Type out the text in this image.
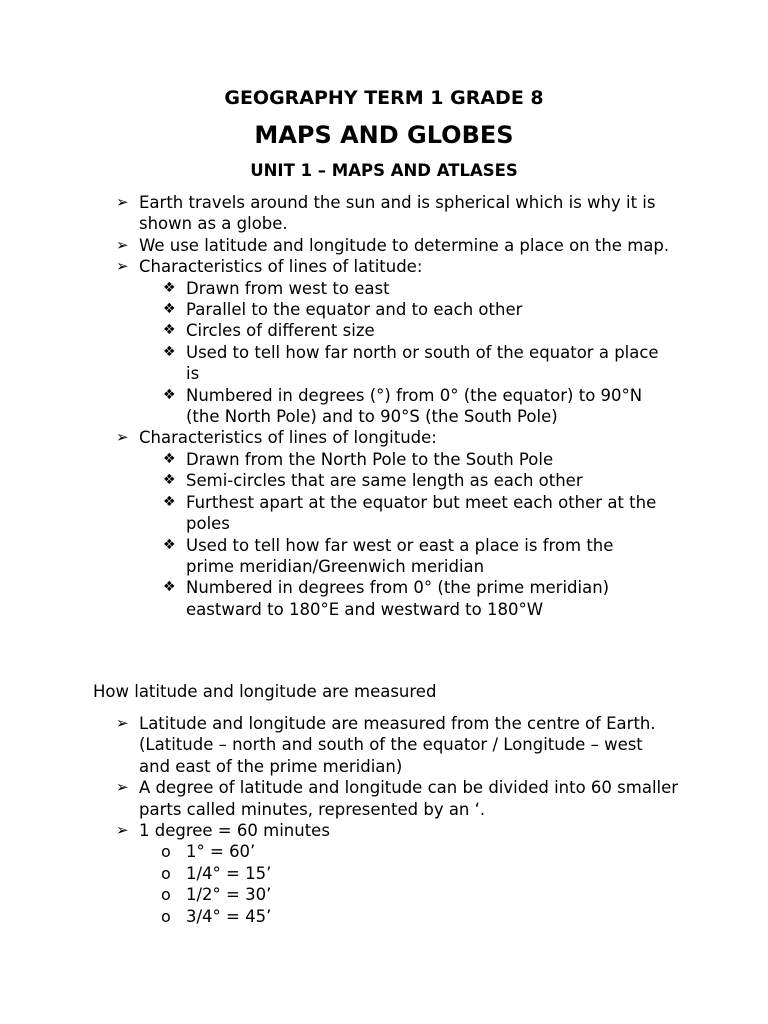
GEOGRAPHY TERM 1 GRADE 8
MAPS AND GLOBES
UNIT 1 – MAPS AND ATLASES
➢ Earth travels around the sun and is spherical which is why it is shown as a globe.
➢ We use latitude and longitude to determine a place on the map.
➢ Characteristics of lines of latitude:
❖ Drawn from west to east
❖ Parallel to the equator and to each other
❖ Circles of different size
❖ Used to tell how far north or south of the equator a place is
❖ Numbered in degrees (°) from 0° (the equator) to 90°N (the North Pole) and to 90°S (the South Pole)
➢ Characteristics of lines of longitude:
❖ Drawn from the North Pole to the South Pole
❖ Semi-circles that are same length as each other
❖ Furthest apart at the equator but meet each other at the poles
❖ Used to tell how far west or east a place is from the prime meridian/Greenwich meridian
❖ Numbered in degrees from 0° (the prime meridian) eastward to 180°E and westward to 180°W
How latitude and longitude are measured
➢ Latitude and longitude are measured from the centre of Earth. (Latitude – north and south of the equator / Longitude – west and east of the prime meridian)
➢ A degree of latitude and longitude can be divided into 60 smaller parts called minutes, represented by an ‘.
➢ 1 degree = 60 minutes
o 1° = 60’
o 1/4° = 15’
o 1/2° = 30’
o 3/4° = 45’
